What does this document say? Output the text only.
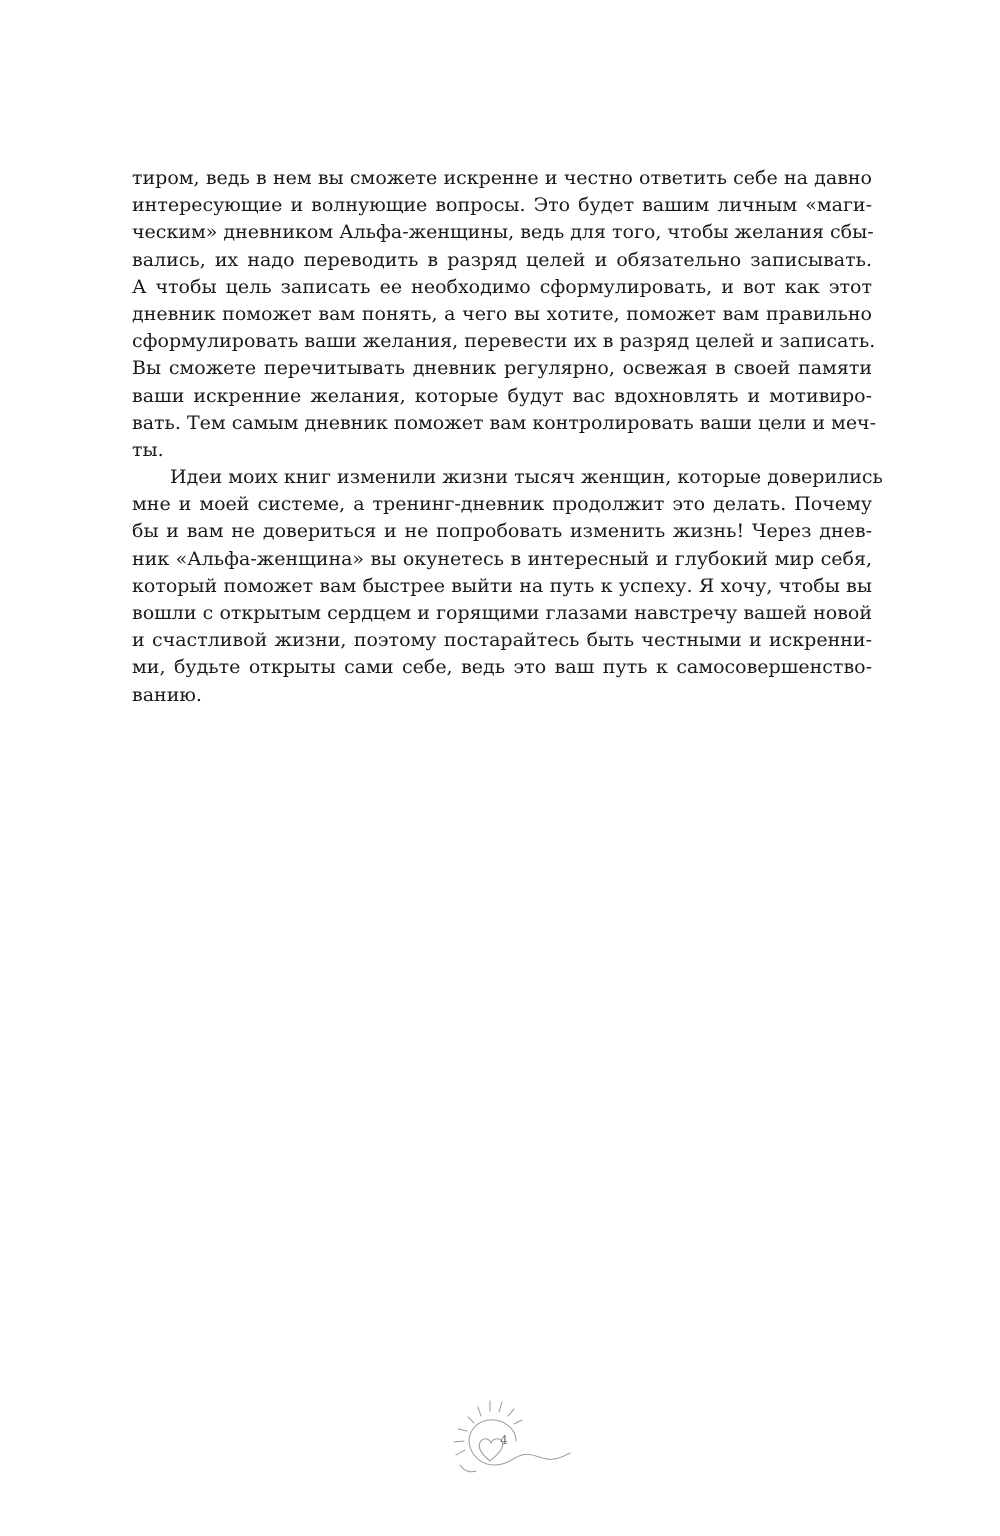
тиром, ведь в нем вы сможете искренне и честно ответить себе на давно
интересующие и волнующие вопросы. Это будет вашим личным «маги-
ческим» дневником Альфа-женщины, ведь для того, чтобы желания сбы-
вались, их надо переводить в разряд целей и обязательно записывать.
А чтобы цель записать ее необходимо сформулировать, и вот как этот
дневник поможет вам понять, а чего вы хотите, поможет вам правильно
сформулировать ваши желания, перевести их в разряд целей и записать.
Вы сможете перечитывать дневник регулярно, освежая в своей памяти
ваши искренние желания, которые будут вас вдохновлять и мотивиро-
вать. Тем самым дневник поможет вам контролировать ваши цели и меч-
ты.
Идеи моих книг изменили жизни тысяч женщин, которые доверились
мне и моей системе, а тренинг-дневник продолжит это делать. Почему
бы и вам не довериться и не попробовать изменить жизнь! Через днев-
ник «Альфа-женщина» вы окунетесь в интересный и глубокий мир себя,
который поможет вам быстрее выйти на путь к успеху. Я хочу, чтобы вы
вошли с открытым сердцем и горящими глазами навстречу вашей новой
и счастливой жизни, поэтому постарайтесь быть честными и искренни-
ми, будьте открыты сами себе, ведь это ваш путь к самосовершенство-
ванию.
4
